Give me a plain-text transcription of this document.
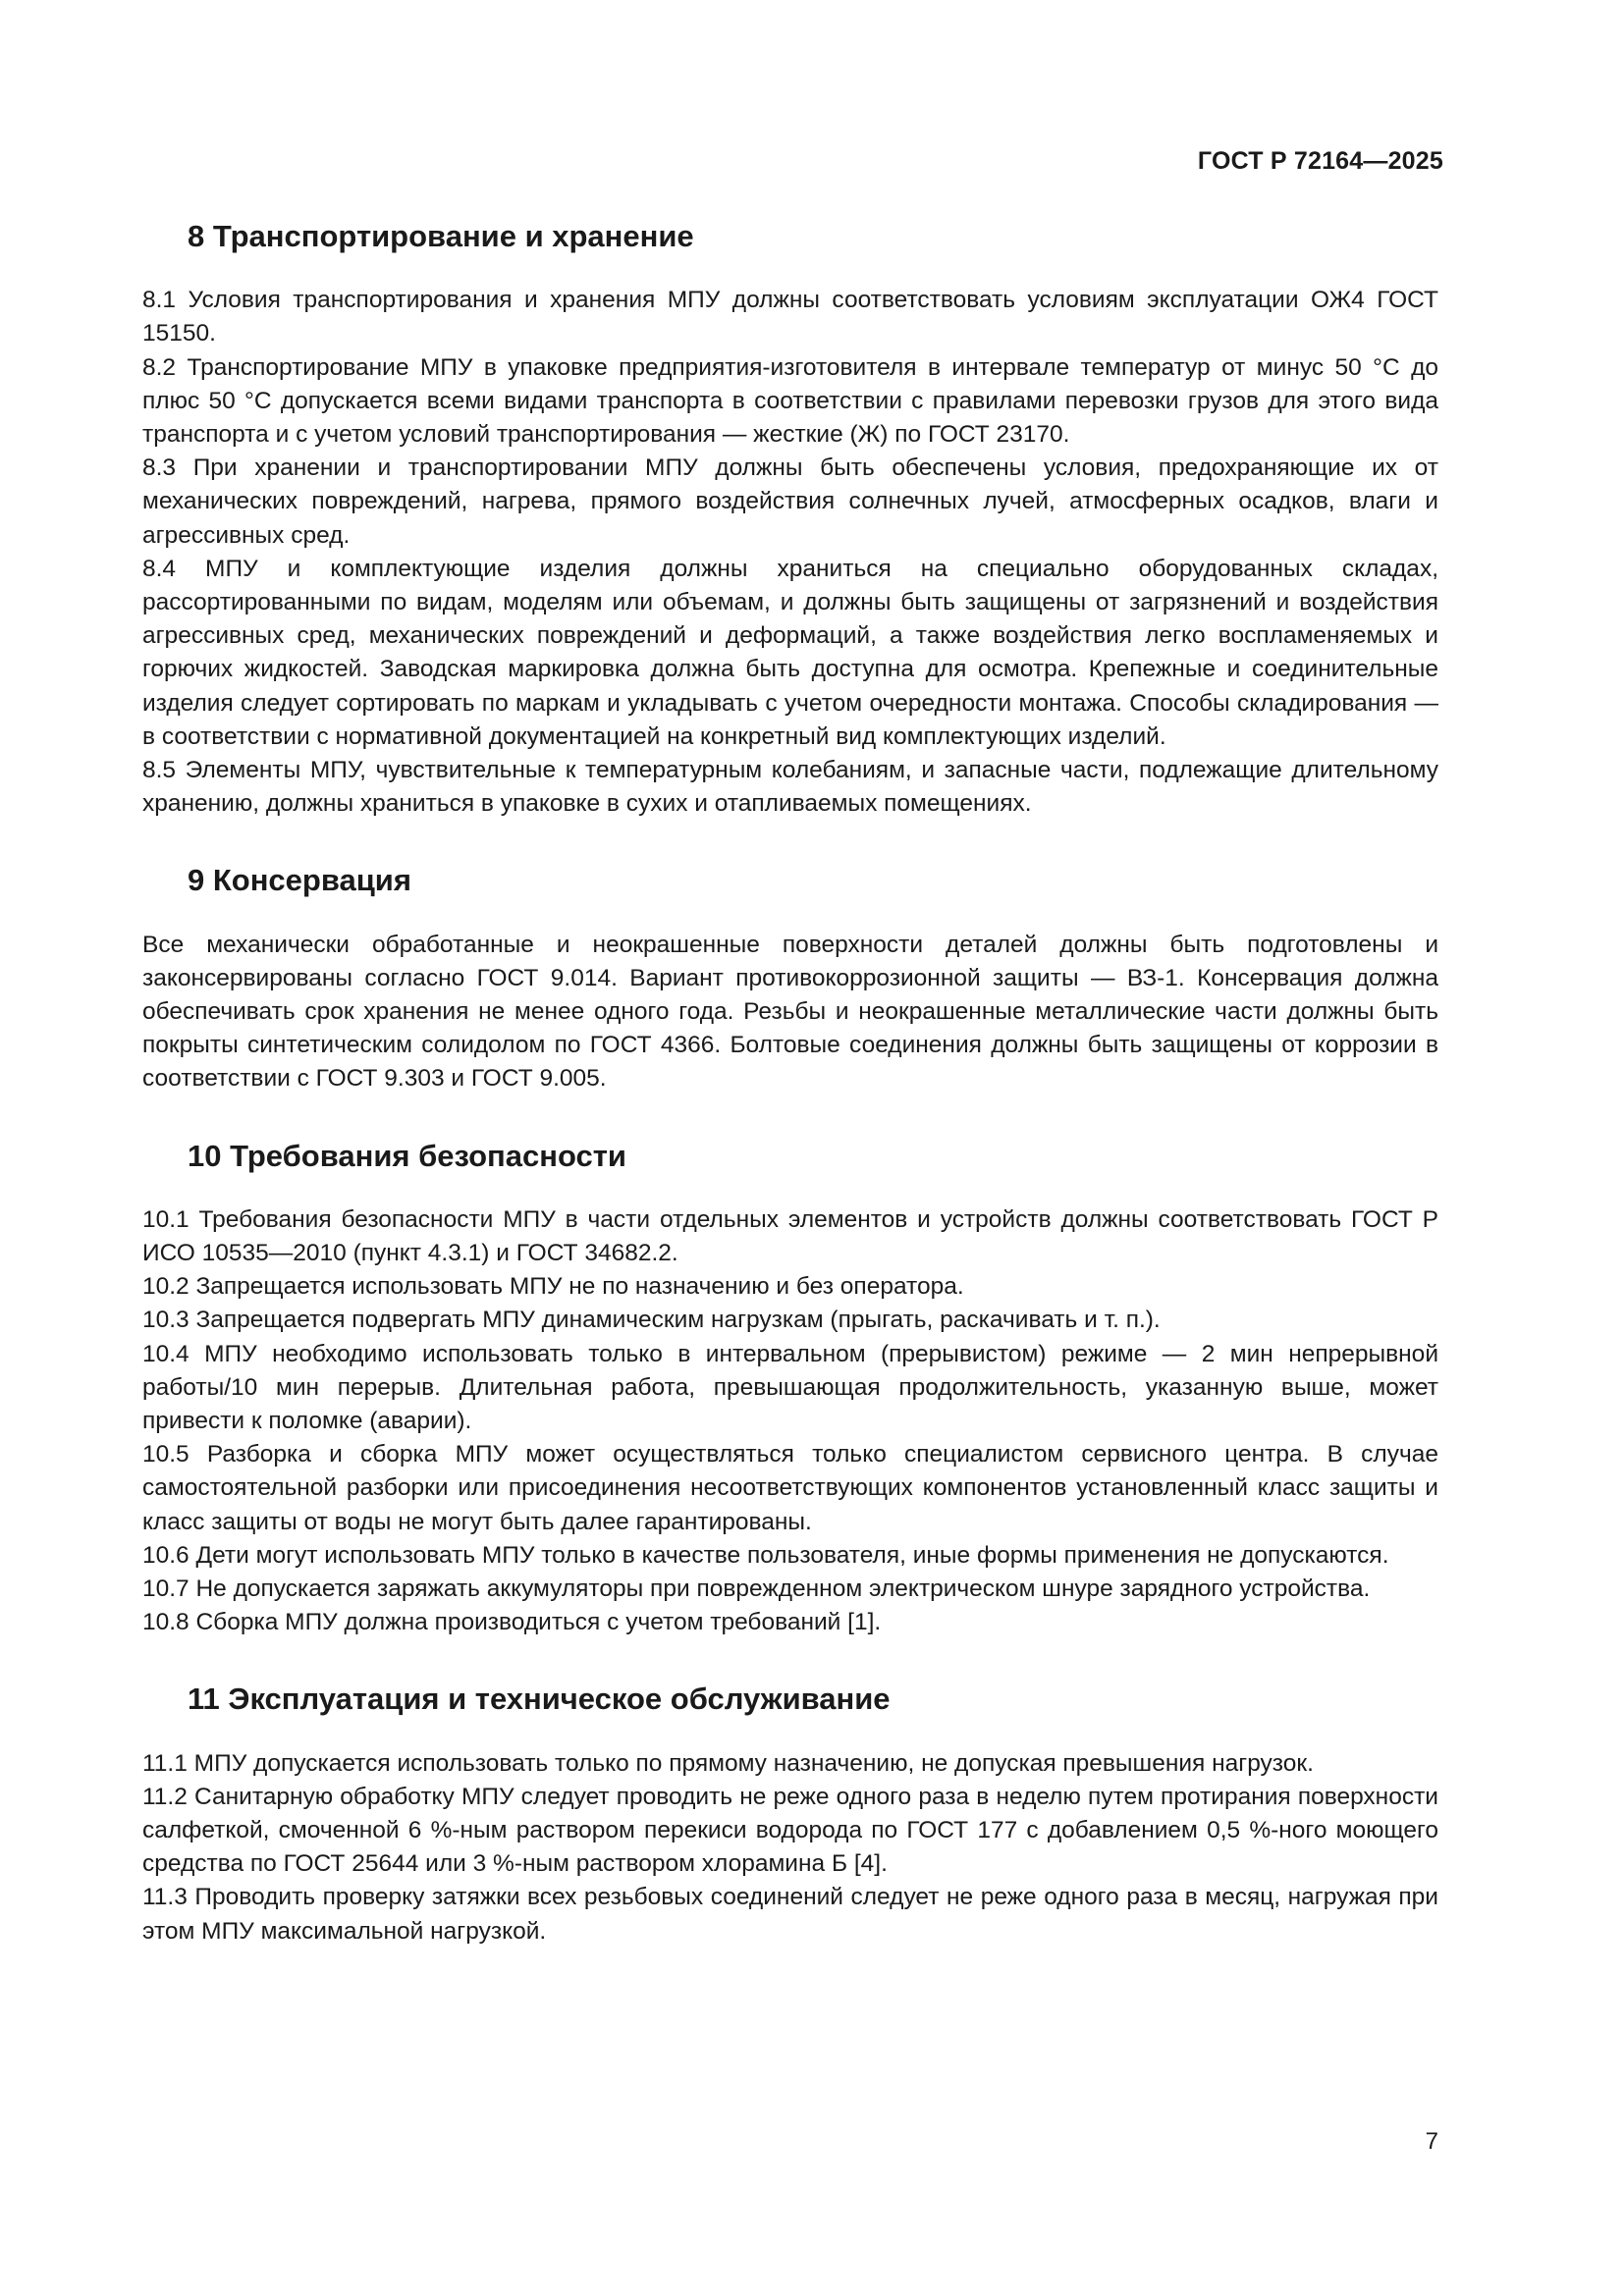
ГОСТ Р 72164—2025
8 Транспортирование и хранение

8.1 Условия транспортирования и хранения МПУ должны соответствовать условиям эксплуатации ОЖ4 ГОСТ 15150.

8.2 Транспортирование МПУ в упаковке предприятия-изготовителя в интервале температур от минус 50 °С до плюс 50 °С допускается всеми видами транспорта в соответствии с правилами перевозки грузов для этого вида транспорта и с учетом условий транспортирования — жесткие (Ж) по ГОСТ 23170.

8.3 При хранении и транспортировании МПУ должны быть обеспечены условия, предохраняющие их от механических повреждений, нагрева, прямого воздействия солнечных лучей, атмосферных осадков, влаги и агрессивных сред.

8.4 МПУ и комплектующие изделия должны храниться на специально оборудованных складах, рассортированными по видам, моделям или объемам, и должны быть защищены от загрязнений и воздействия агрессивных сред, механических повреждений и деформаций, а также воздействия легко воспламеняемых и горючих жидкостей. Заводская маркировка должна быть доступна для осмотра. Крепежные и соединительные изделия следует сортировать по маркам и укладывать с учетом очередности монтажа. Способы складирования — в соответствии с нормативной документацией на конкретный вид комплектующих изделий.

8.5 Элементы МПУ, чувствительные к температурным колебаниям, и запасные части, подлежащие длительному хранению, должны храниться в упаковке в сухих и отапливаемых помещениях.

9 Консервация

Все механически обработанные и неокрашенные поверхности деталей должны быть подготовлены и законсервированы согласно ГОСТ 9.014. Вариант противокоррозионной защиты — ВЗ-1. Консервация должна обеспечивать срок хранения не менее одного года. Резьбы и неокрашенные металлические части должны быть покрыты синтетическим солидолом по ГОСТ 4366. Болтовые соединения должны быть защищены от коррозии в соответствии с ГОСТ 9.303 и ГОСТ 9.005.

10 Требования безопасности

10.1 Требования безопасности МПУ в части отдельных элементов и устройств должны соответствовать ГОСТ Р ИСО 10535—2010 (пункт 4.3.1) и ГОСТ 34682.2.

10.2 Запрещается использовать МПУ не по назначению и без оператора.

10.3 Запрещается подвергать МПУ динамическим нагрузкам (прыгать, раскачивать и т. п.).

10.4 МПУ необходимо использовать только в интервальном (прерывистом) режиме — 2 мин непрерывной работы/10 мин перерыв. Длительная работа, превышающая продолжительность, указанную выше, может привести к поломке (аварии).

10.5 Разборка и сборка МПУ может осуществляться только специалистом сервисного центра. В случае самостоятельной разборки или присоединения несоответствующих компонентов установленный класс защиты и класс защиты от воды не могут быть далее гарантированы.

10.6 Дети могут использовать МПУ только в качестве пользователя, иные формы применения не допускаются.

10.7 Не допускается заряжать аккумуляторы при поврежденном электрическом шнуре зарядного устройства.

10.8 Сборка МПУ должна производиться с учетом требований [1].

11 Эксплуатация и техническое обслуживание

11.1 МПУ допускается использовать только по прямому назначению, не допуская превышения нагрузок.

11.2 Санитарную обработку МПУ следует проводить не реже одного раза в неделю путем протирания поверхности салфеткой, смоченной 6 %-ным раствором перекиси водорода по ГОСТ 177 с добавлением 0,5 %-ного моющего средства по ГОСТ 25644 или 3 %-ным раствором хлорамина Б [4].

11.3 Проводить проверку затяжки всех резьбовых соединений следует не реже одного раза в месяц, нагружая при этом МПУ максимальной нагрузкой.

7
